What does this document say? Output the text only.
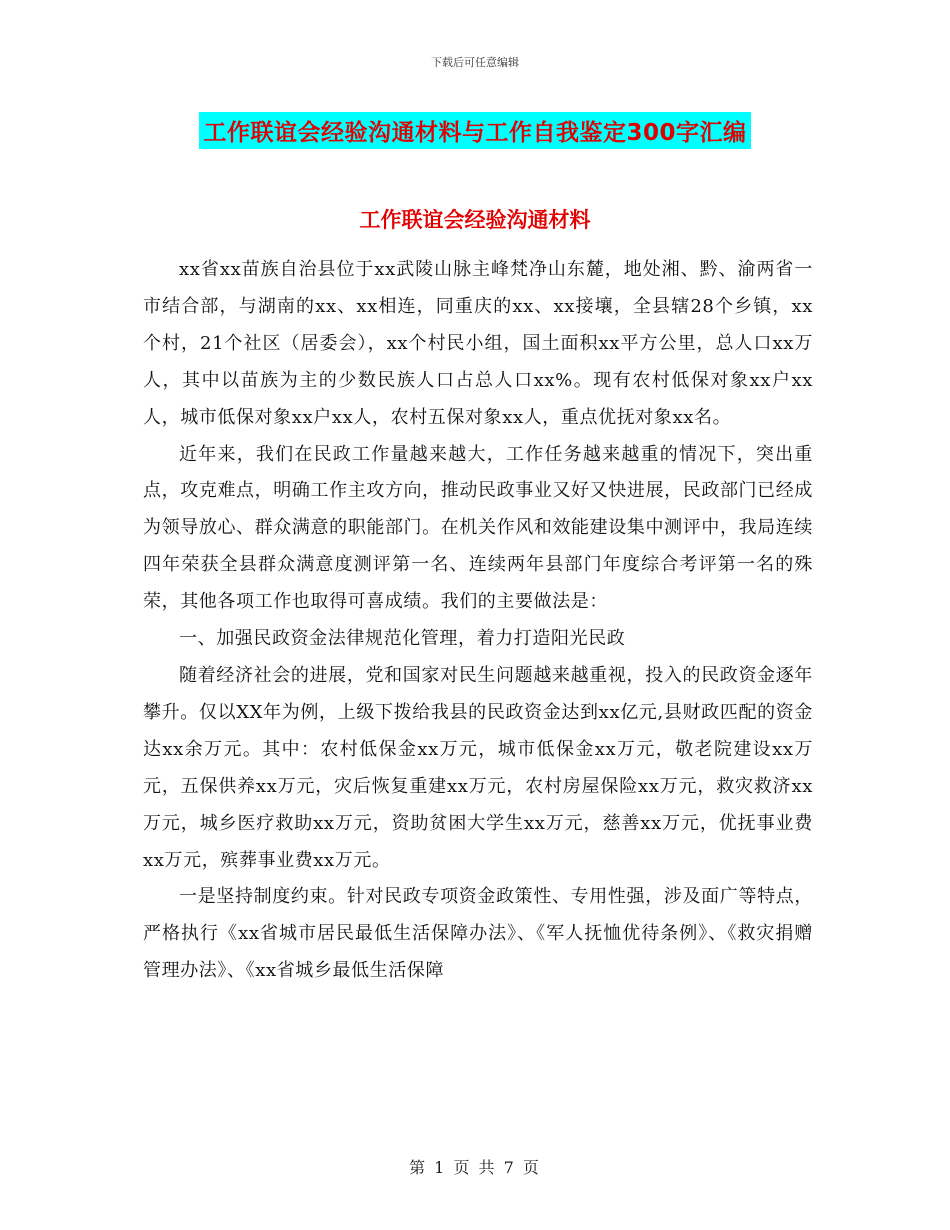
下载后可任意编辑
工作联谊会经验沟通材料与工作自我鉴定300字汇编
工作联谊会经验沟通材料

xx省xx苗族自治县位于xx武陵山脉主峰梵净山东麓，地处湘、黔、渝两省一市结合部，与湖南的xx、xx相连，同重庆的xx、xx接壤，全县辖28个乡镇，xx个村，21个社区（居委会），xx个村民小组，国土面积xx平方公里，总人口xx万人，其中以苗族为主的少数民族人口占总人口xx%。现有农村低保对象xx户xx人，城市低保对象xx户xx人，农村五保对象xx人，重点优抚对象xx名。

近年来，我们在民政工作量越来越大，工作任务越来越重的情况下，突出重点，攻克难点，明确工作主攻方向，推动民政事业又好又快进展，民政部门已经成为领导放心、群众满意的职能部门。在机关作风和效能建设集中测评中，我局连续四年荣获全县群众满意度测评第一名、连续两年县部门年度综合考评第一名的殊荣，其他各项工作也取得可喜成绩。我们的主要做法是：

一、加强民政资金法律规范化管理，着力打造阳光民政

随着经济社会的进展，党和国家对民生问题越来越重视，投入的民政资金逐年攀升。仅以XX年为例，上级下拨给我县的民政资金达到xx亿元,县财政匹配的资金达xx余万元。其中：农村低保金xx万元，城市低保金xx万元，敬老院建设xx万元，五保供养xx万元，灾后恢复重建xx万元，农村房屋保险xx万元，救灾救济xx万元，城乡医疗救助xx万元，资助贫困大学生xx万元，慈善xx万元，优抚事业费xx万元，殡葬事业费xx万元。

一是坚持制度约束。针对民政专项资金政策性、专用性强，涉及面广等特点，严格执行《xx省城市居民最低生活保障办法》、《军人抚恤优待条例》、《救灾捐赠管理办法》、《xx省城乡最低生活保障

第 1 页 共 7 页
